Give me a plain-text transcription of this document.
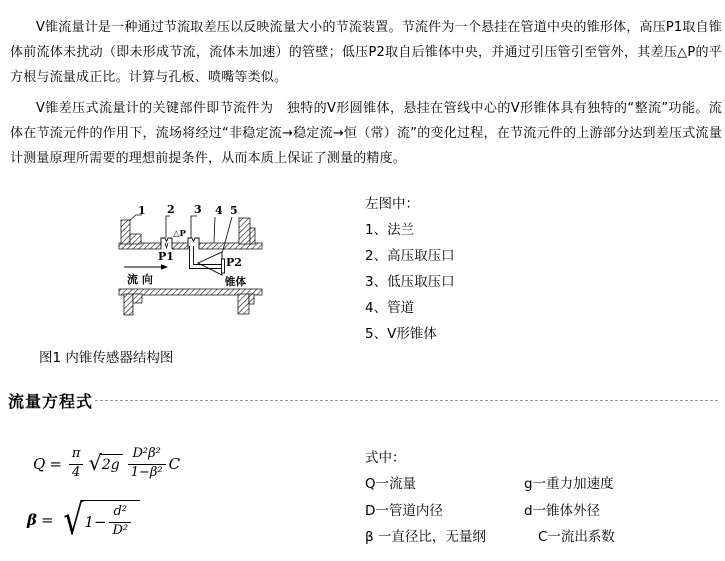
V锥流量计是一种通过节流取差压以反映流量大小的节流装置。节流件为一个悬挂在管道中央的锥形体，高压P1取自锥体前流体未扰动（即未形成节流，流体未加速）的管壁；低压P2取自后锥体中央，并通过引压管引至管外，其差压△P的平方根与流量成正比。计算与孔板、喷嘴等类似。
V锥差压式流量计的关键部件即节流件为　独特的V形圆锥体，悬挂在管线中心的V形锥体具有独特的“整流”功能。流体在节流元件的作用下，流场将经过“非稳定流→稳定流→恒（常）流”的变化过程，在节流元件的上游部分达到差压式流量计测量原理所需要的理想前提条件，从而本质上保证了测量的精度。
1 2 3 4 5
△P
P1	P2
锥体
流 向
左图中：
1、法兰
2、高压取压口
3、低压取压口
4、管道
5、V形锥体
图1 内锥传感器结构图
流量方程式
$Q = \frac{\pi}{4}$ √ $2g \frac{\text{D²β²}}{\text{1−β²}}$ C
β = √ $1- \frac{\text{d²}}{\text{D²}}$
式中：
Q一流量	g一重力加速度
D一管道内径	d一锥体外径
β 一直径比，无量纲	C一流出系数
